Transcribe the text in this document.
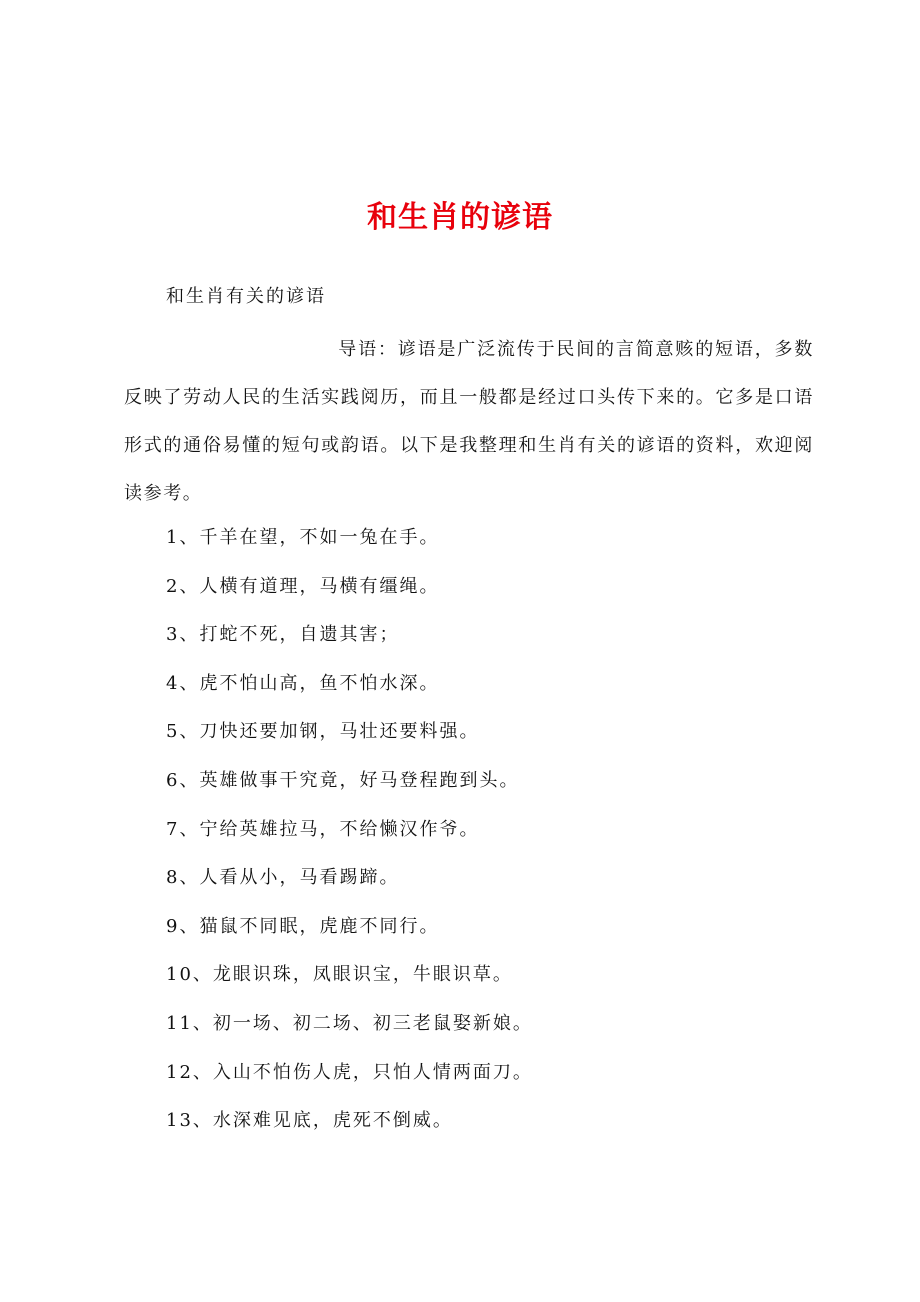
和生肖的谚语

和生肖有关的谚语

导语：谚语是广泛流传于民间的言简意赅的短语，多数反映了劳动人民的生活实践阅历，而且一般都是经过口头传下来的。它多是口语形式的通俗易懂的短句或韵语。以下是我整理和生肖有关的谚语的资料，欢迎阅读参考。

1、千羊在望，不如一兔在手。
2、人横有道理，马横有缰绳。
3、打蛇不死，自遗其害；
4、虎不怕山高，鱼不怕水深。
5、刀快还要加钢，马壮还要料强。
6、英雄做事干究竟，好马登程跑到头。
7、宁给英雄拉马，不给懒汉作爷。
8、人看从小，马看踢蹄。
9、猫鼠不同眠，虎鹿不同行。
10、龙眼识珠，凤眼识宝，牛眼识草。
11、初一场、初二场、初三老鼠娶新娘。
12、入山不怕伤人虎，只怕人情两面刀。
13、水深难见底，虎死不倒威。
